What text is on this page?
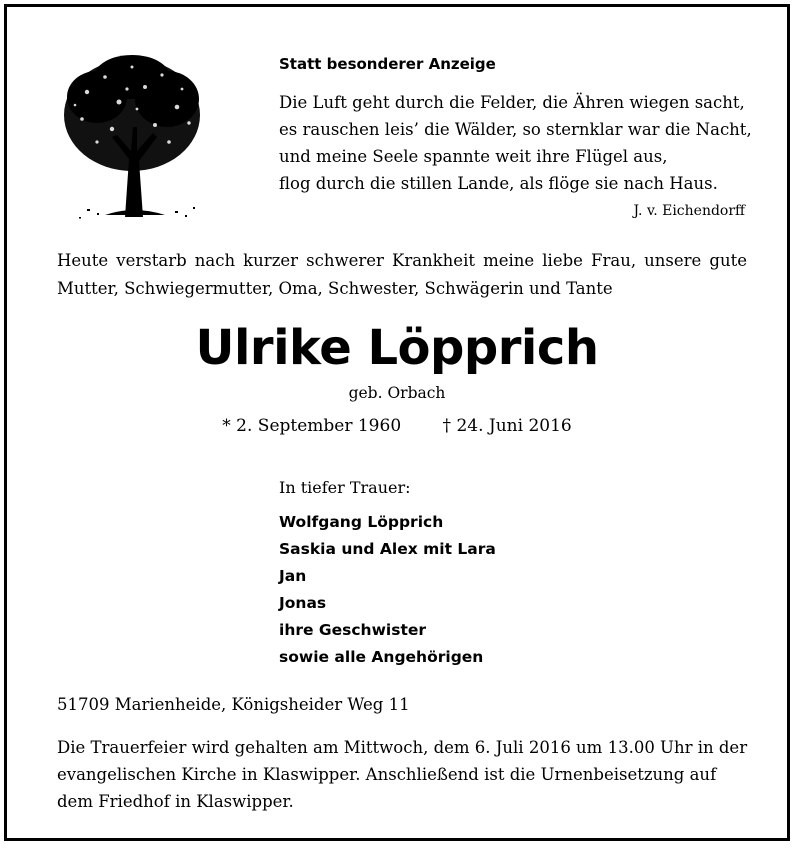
Statt besonderer Anzeige
Die Luft geht durch die Felder, die Ähren wiegen sacht,
es rauschen leis’ die Wälder, so sternklar war die Nacht,
und meine Seele spannte weit ihre Flügel aus,
flog durch die stillen Lande, als flöge sie nach Haus.
J. v. Eichendorff
Heute verstarb nach kurzer schwerer Krankheit meine liebe Frau, unsere gute
Mutter, Schwiegermutter, Oma, Schwester, Schwägerin und Tante
Ulrike Löpprich
geb. Orbach
* 2. September 1960 † 24. Juni 2016
In tiefer Trauer:
Wolfgang Löpprich
Saskia und Alex mit Lara
Jan
Jonas
ihre Geschwister
sowie alle Angehörigen
51709 Marienheide, Königsheider Weg 11
Die Trauerfeier wird gehalten am Mittwoch, dem 6. Juli 2016 um 13.00 Uhr in der evangelischen Kirche in Klaswipper. Anschließend ist die Urnenbeisetzung auf dem Friedhof in Klaswipper.
